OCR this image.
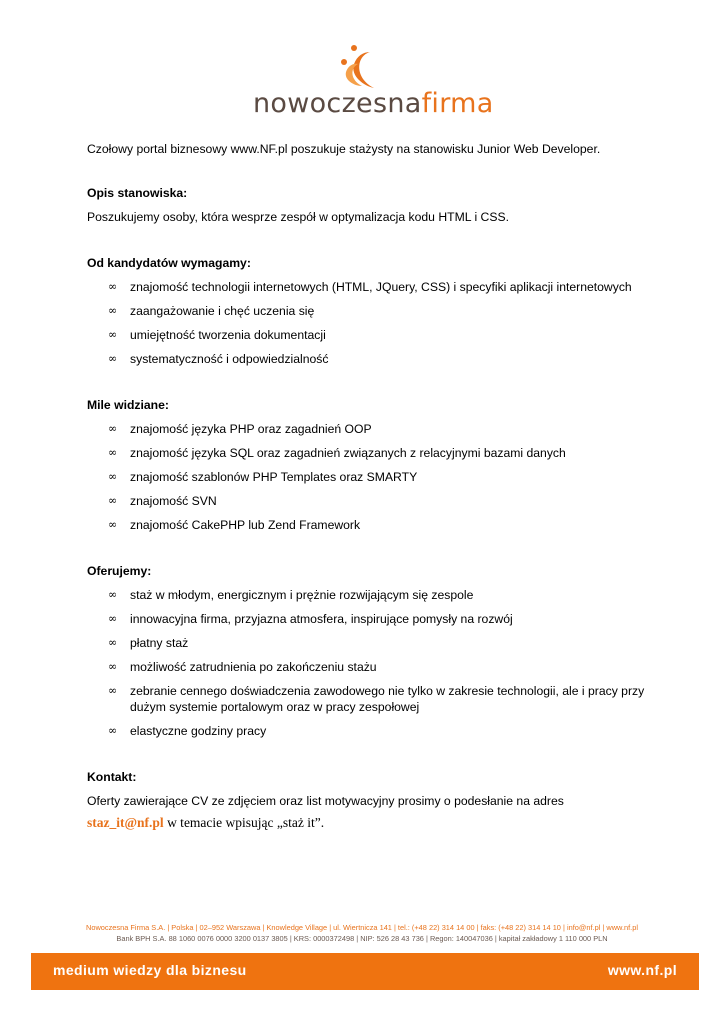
nowoczesnafirma

Czołowy portal biznesowy www.NF.pl poszukuje stażysty na stanowisku Junior Web Developer.

Opis stanowiska:

Poszukujemy osoby, która wesprze zespół w optymalizacja kodu HTML i CSS.

Od kandydatów wymagamy:
∞ znajomość technologii internetowych (HTML, JQuery, CSS) i specyfiki aplikacji internetowych
∞ zaangażowanie i chęć uczenia się
∞ umiejętność tworzenia dokumentacji
∞ systematyczność i odpowiedzialność
Mile widziane:
∞ znajomość języka PHP oraz zagadnień OOP
∞ znajomość języka SQL oraz zagadnień związanych z relacyjnymi bazami danych
∞ znajomość szablonów PHP Templates oraz SMARTY
∞ znajomość SVN
∞ znajomość CakePHP lub Zend Framework
Oferujemy:
∞ staż w młodym, energicznym i prężnie rozwijającym się zespole
∞ innowacyjna firma, przyjazna atmosfera, inspirujące pomysły na rozwój
∞ płatny staż
∞ możliwość zatrudnienia po zakończeniu stażu
∞ zebranie cennego doświadczenia zawodowego nie tylko w zakresie technologii, ale i pracy przy dużym systemie portalowym oraz w pracy zespołowej
∞ elastyczne godziny pracy
Kontakt:

Oferty zawierające CV ze zdjęciem oraz list motywacyjny prosimy o podesłanie na adres

staz_it@nf.pl w temacie wpisując „staż it”.

Nowoczesna Firma S.A. | Polska | 02–952 Warszawa | Knowledge Village | ul. Wiertnicza 141 | tel.: (+48 22) 314 14 00 | faks: (+48 22) 314 14 10 | info@nf.pl | www.nf.pl
Bank BPH S.A. 88 1060 0076 0000 3200 0137 3805 | KRS: 0000372498 | NIP: 526 28 43 736 | Regon: 140047036 | kapitał zakładowy 1 110 000 PLN
medium wiedzy dla biznesu	www.nf.pl
